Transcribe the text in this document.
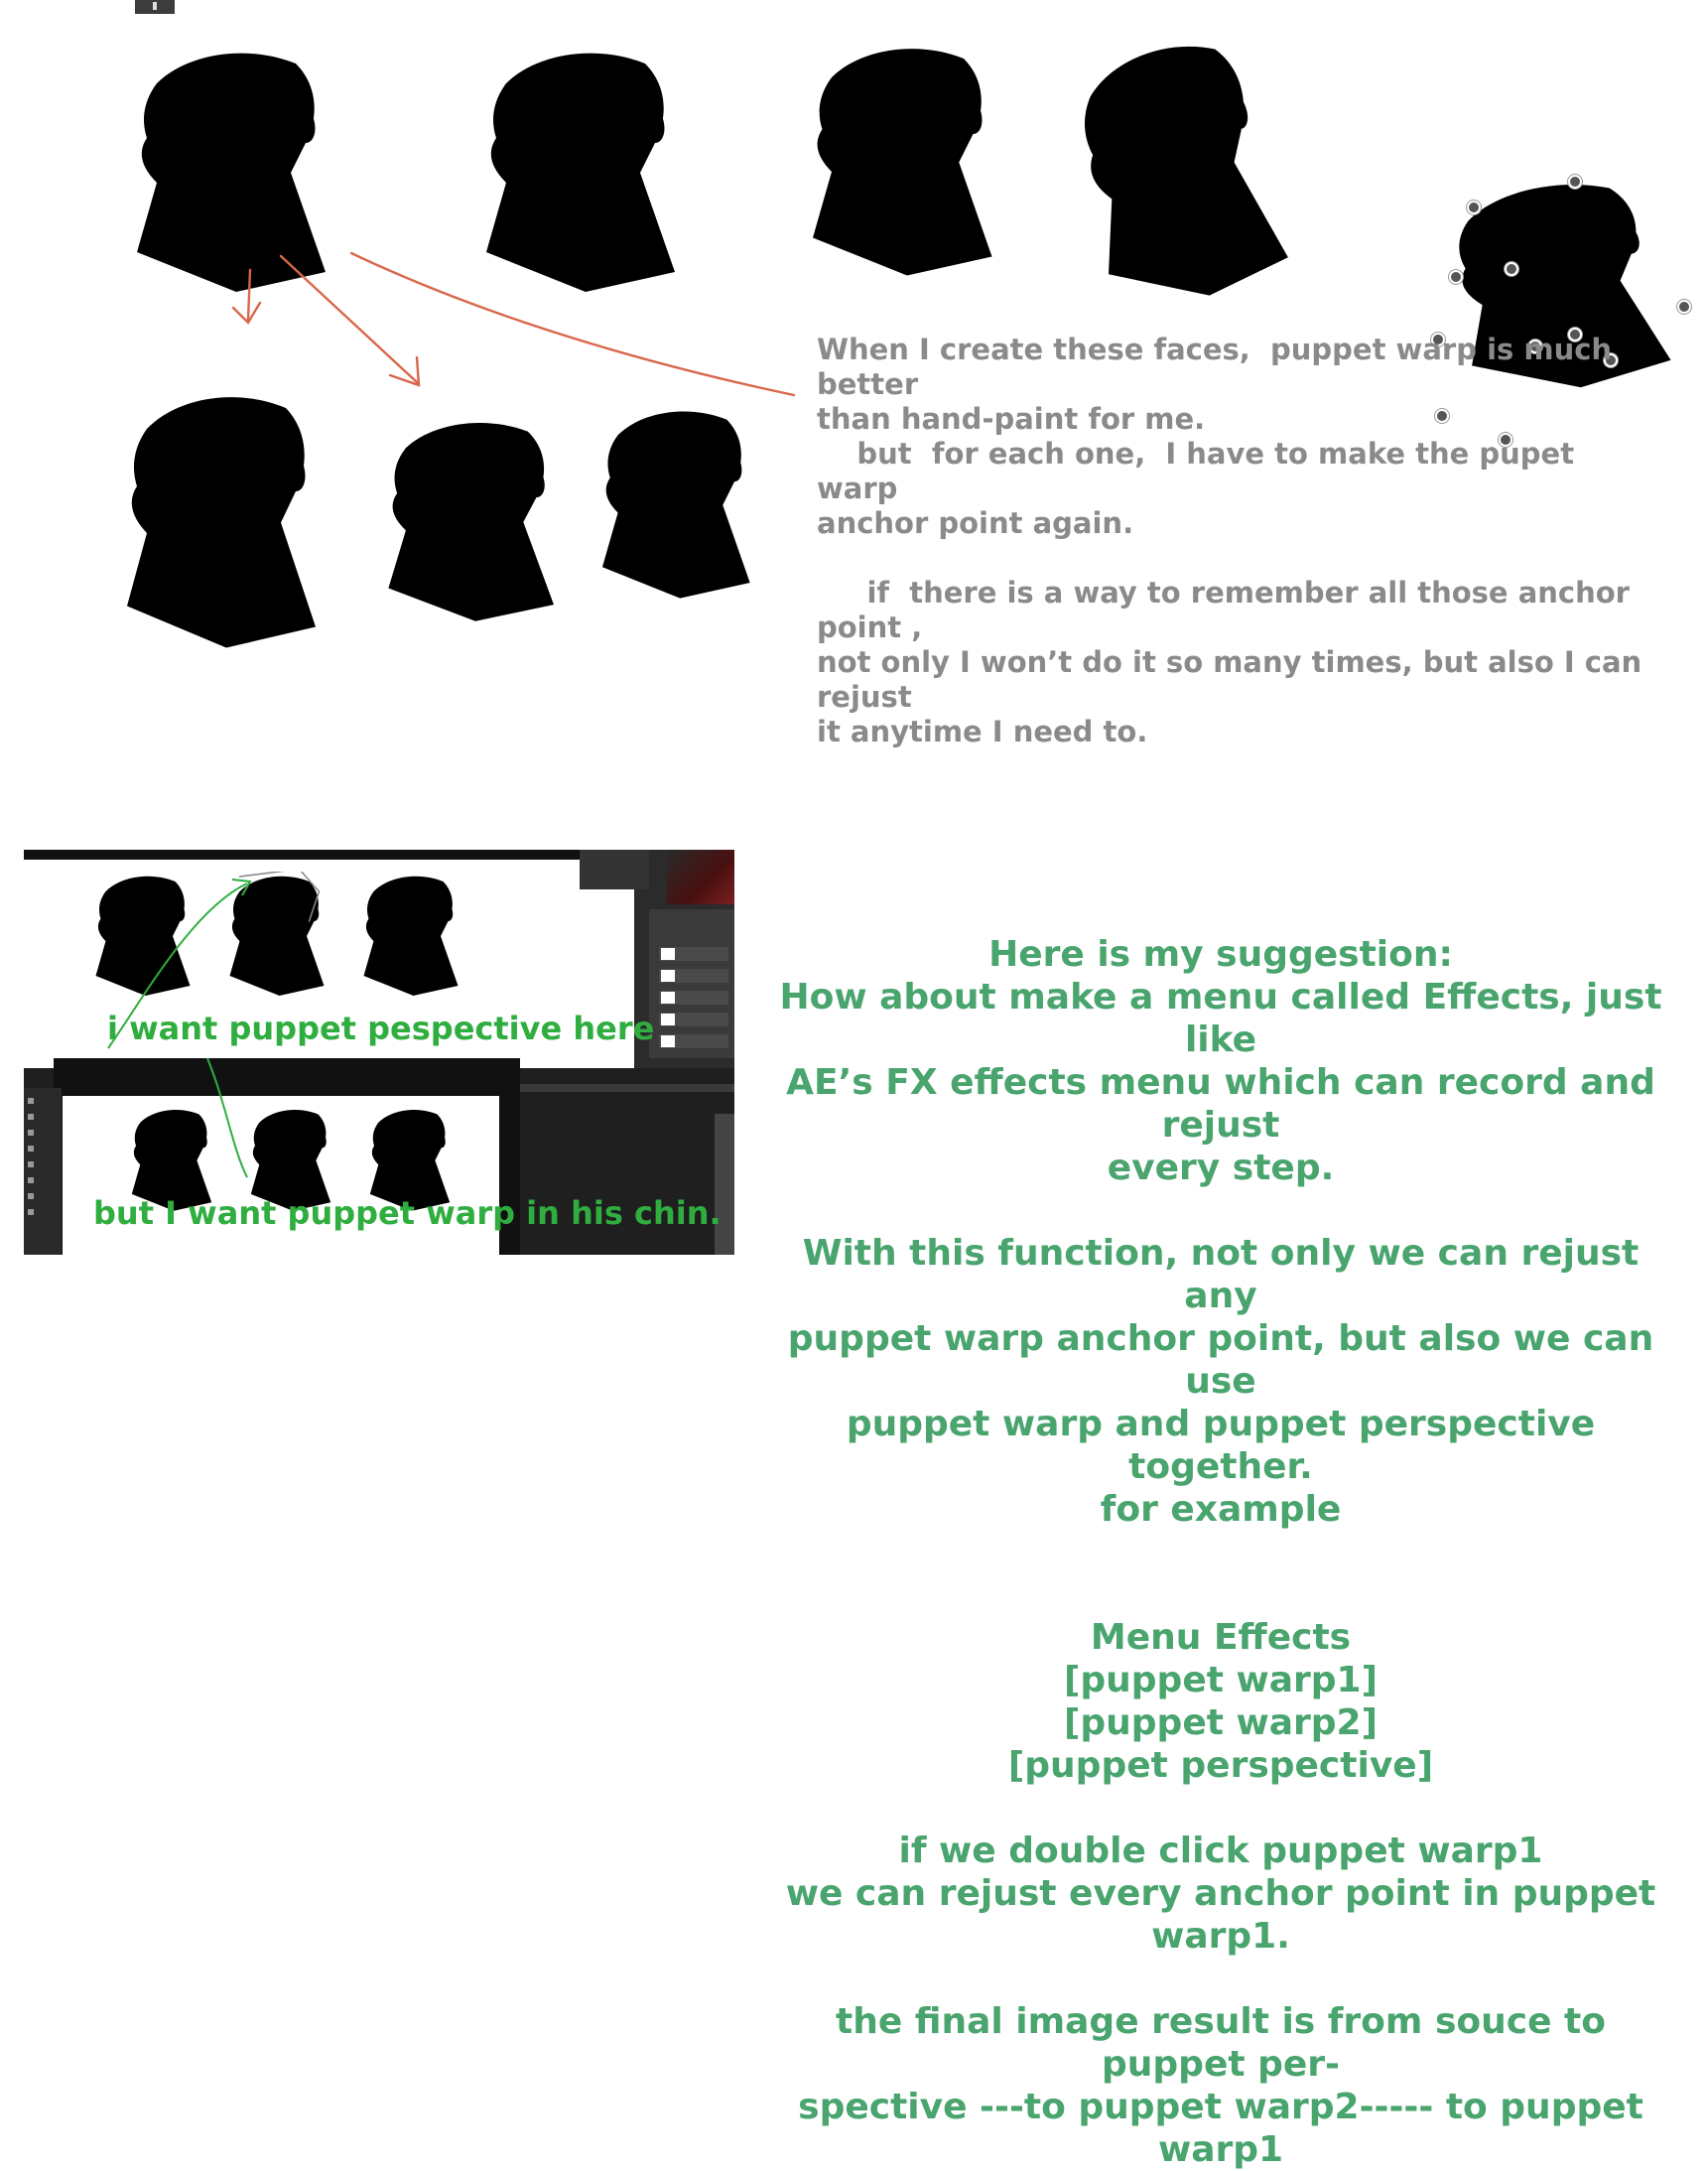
When I create these faces,  puppet warp is much better
than hand-paint for me.
but  for each one,  I have to make the pupet warp
anchor point again.
if  there is a way to remember all those anchor point ,
not only I won’t do it so many times, but also I can rejust
it anytime I need to.
i want puppet pespective here
but I want puppet warp in his chin.
Here is my suggestion:
How about make a menu called Effects, just like
AE’s FX effects menu which can record and rejust
every step.
With this function, not only we can rejust any
puppet warp anchor point, but also we can use
puppet warp and puppet perspective together.
for example
Menu Effects
[puppet warp1]
[puppet warp2]
[puppet perspective]
if we double click puppet warp1
we can rejust every anchor point in puppet warp1.
the final image result is from souce to puppet per-
spective ---to puppet warp2----- to puppet warp1
